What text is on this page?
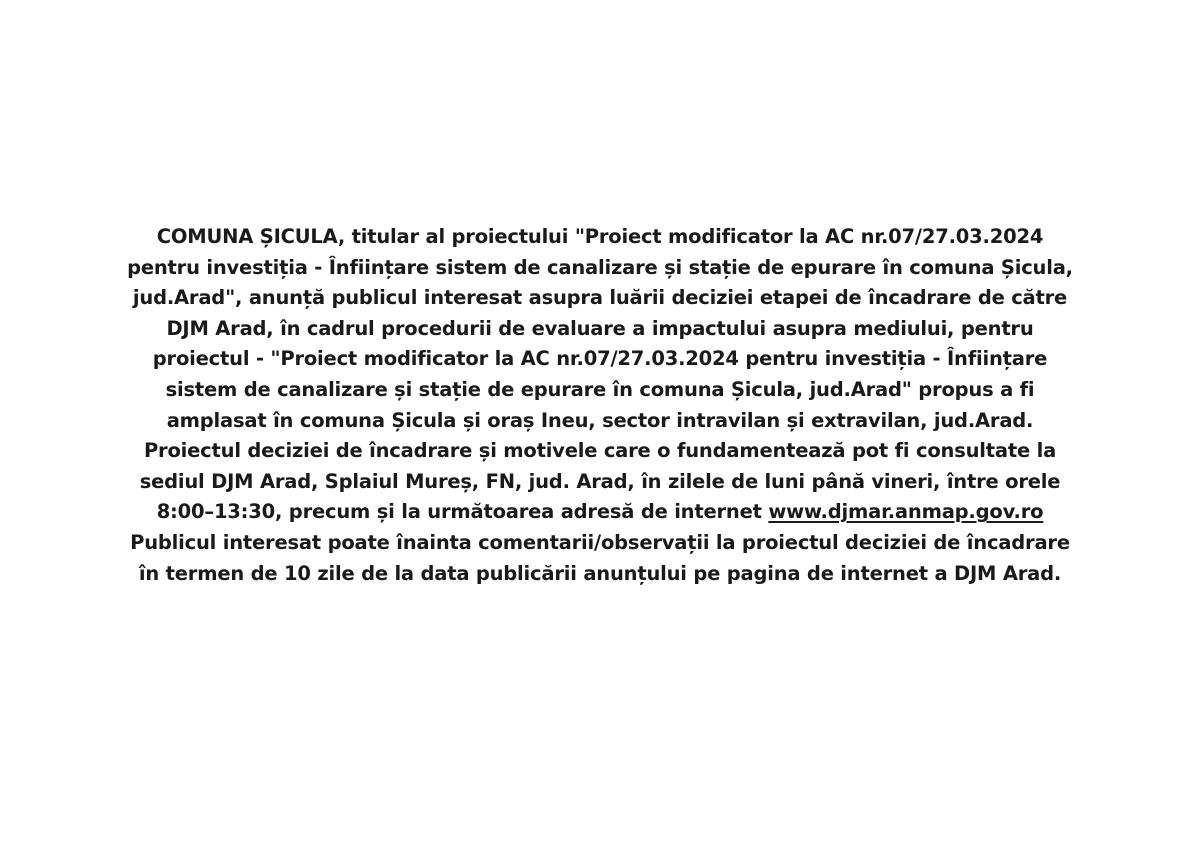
COMUNA ȘICULA, titular al proiectului "Proiect modificator la AC nr.07/27.03.2024
pentru investiția - Înființare sistem de canalizare și stație de epurare în comuna Șicula,
jud.Arad", anunță publicul interesat asupra luării deciziei etapei de încadrare de către
DJM Arad, în cadrul procedurii de evaluare a impactului asupra mediului, pentru
proiectul - "Proiect modificator la AC nr.07/27.03.2024 pentru investiția - Înființare
sistem de canalizare și stație de epurare în comuna Șicula, jud.Arad" propus a fi
amplasat în comuna Șicula și oraș Ineu, sector intravilan și extravilan, jud.Arad.
Proiectul deciziei de încadrare și motivele care o fundamentează pot fi consultate la
sediul DJM Arad, Splaiul Mureș, FN, jud. Arad, în zilele de luni până vineri, între orele
8:00–13:30, precum și la următoarea adresă de internet www.djmar.anmap.gov.ro
Publicul interesat poate înainta comentarii/observații la proiectul deciziei de încadrare
în termen de 10 zile de la data publicării anunțului pe pagina de internet a DJM Arad.
